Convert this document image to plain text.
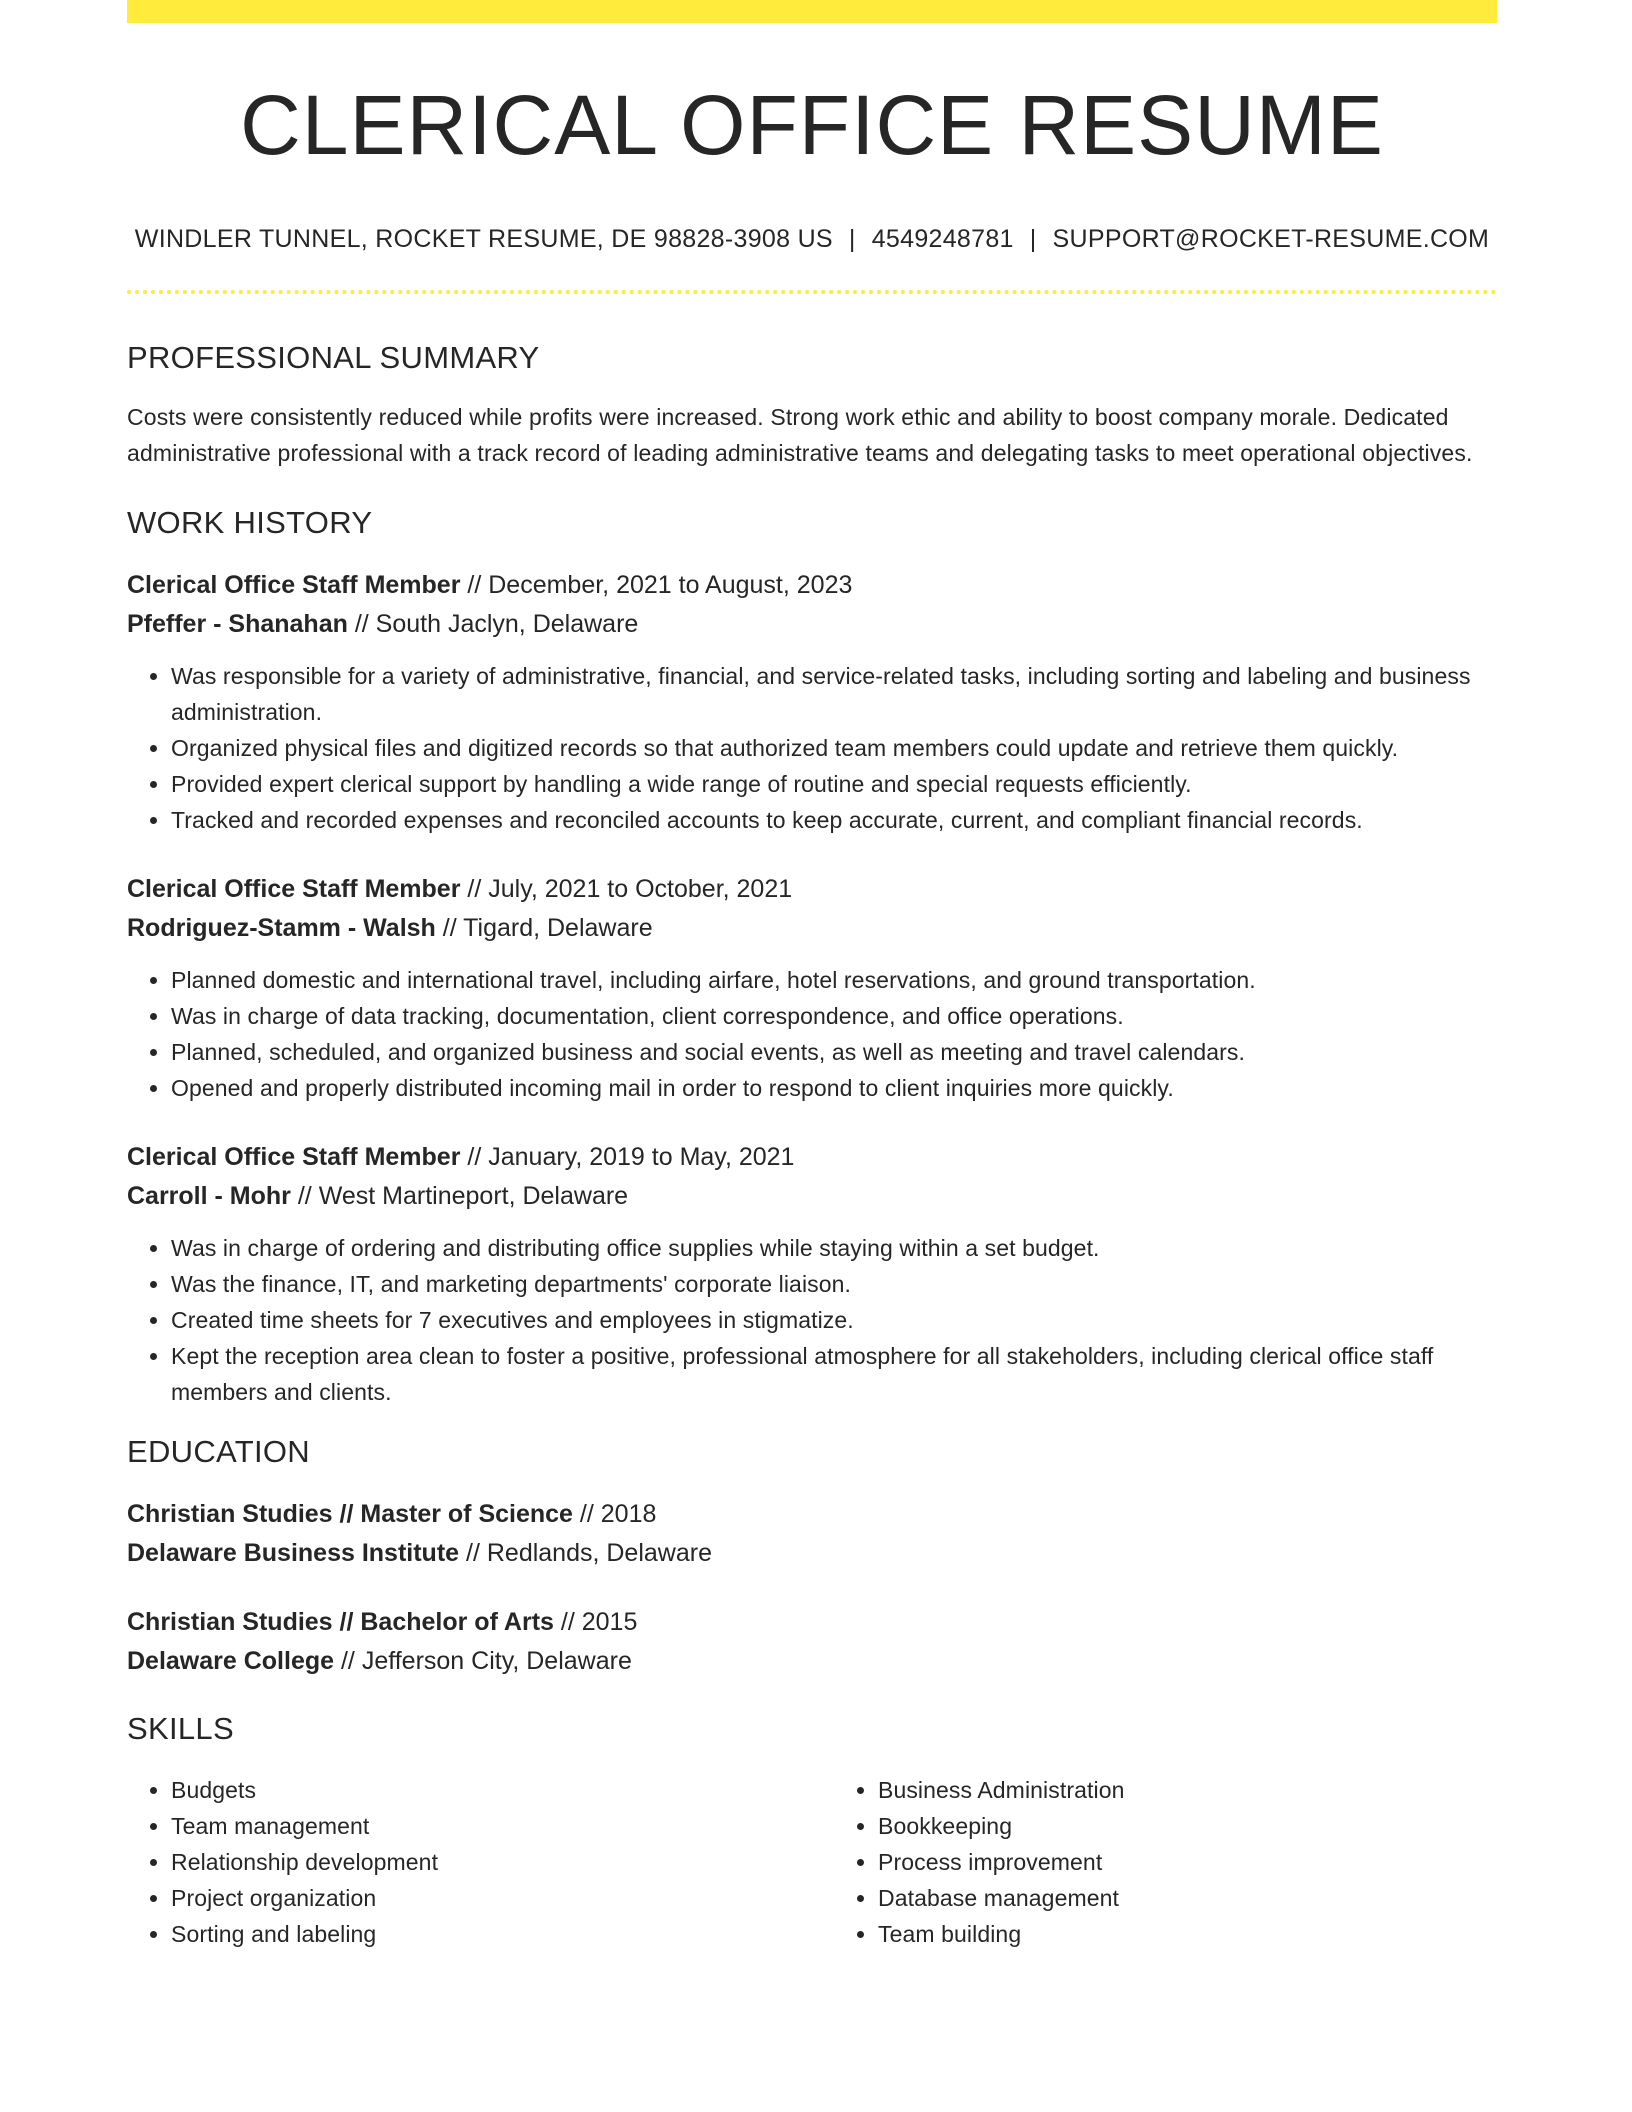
CLERICAL OFFICE RESUME
WINDLER TUNNEL, ROCKET RESUME, DE 98828-3908 US | 4549248781 | SUPPORT@ROCKET-RESUME.COM
PROFESSIONAL SUMMARY
Costs were consistently reduced while profits were increased. Strong work ethic and ability to boost company morale. Dedicated administrative professional with a track record of leading administrative teams and delegating tasks to meet operational objectives.
WORK HISTORY
Clerical Office Staff Member // December, 2021 to August, 2023
Pfeffer - Shanahan // South Jaclyn, Delaware
• Was responsible for a variety of administrative, financial, and service-related tasks, including sorting and labeling and business administration.
• Organized physical files and digitized records so that authorized team members could update and retrieve them quickly.
• Provided expert clerical support by handling a wide range of routine and special requests efficiently.
• Tracked and recorded expenses and reconciled accounts to keep accurate, current, and compliant financial records.
Clerical Office Staff Member // July, 2021 to October, 2021
Rodriguez-Stamm - Walsh // Tigard, Delaware
• Planned domestic and international travel, including airfare, hotel reservations, and ground transportation.
• Was in charge of data tracking, documentation, client correspondence, and office operations.
• Planned, scheduled, and organized business and social events, as well as meeting and travel calendars.
• Opened and properly distributed incoming mail in order to respond to client inquiries more quickly.
Clerical Office Staff Member // January, 2019 to May, 2021
Carroll - Mohr // West Martineport, Delaware
• Was in charge of ordering and distributing office supplies while staying within a set budget.
• Was the finance, IT, and marketing departments' corporate liaison.
• Created time sheets for 7 executives and employees in stigmatize.
• Kept the reception area clean to foster a positive, professional atmosphere for all stakeholders, including clerical office staff members and clients.
EDUCATION
Christian Studies // Master of Science // 2018
Delaware Business Institute // Redlands, Delaware
Christian Studies // Bachelor of Arts // 2015
Delaware College // Jefferson City, Delaware
SKILLS
• Budgets
• Team management
• Relationship development
• Project organization
• Sorting and labeling
• Business Administration
• Bookkeeping
• Process improvement
• Database management
• Team building
